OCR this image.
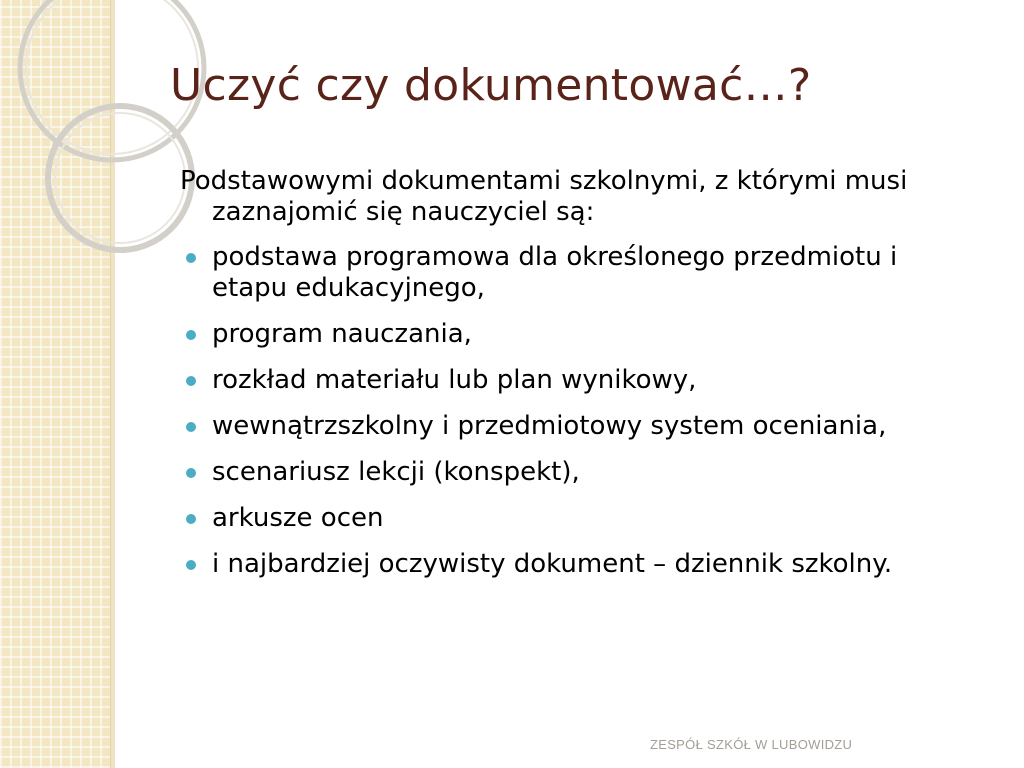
Uczyć czy dokumentować…?

Podstawowymi dokumentami szkolnymi, z którymi musi zaznajomić się nauczyciel są:

podstawa programowa dla określonego przedmiotu i etapu edukacyjnego,
program nauczania,
rozkład materiału lub plan wynikowy,
wewnątrzszkolny i przedmiotowy system oceniania,
scenariusz lekcji (konspekt),
arkusze ocen
i najbardziej oczywisty dokument – dziennik szkolny.
ZESPÓŁ SZKÓŁ W LUBOWIDZU
